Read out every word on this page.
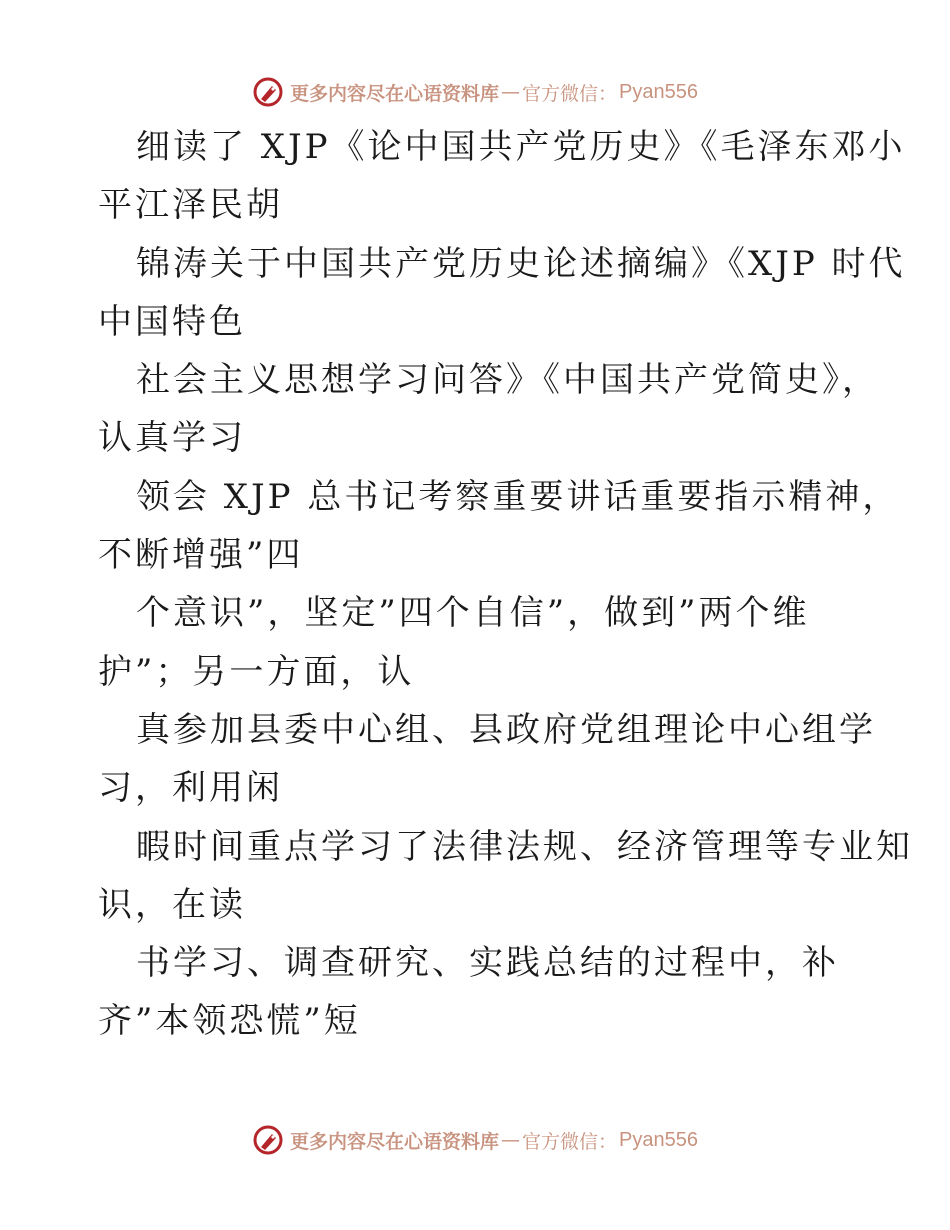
更多内容尽在心语资料库 — 官方微信： Pyan556
细读了 XJP《论中国共产党历史》《毛泽东邓小
平江泽民胡
锦涛关于中国共产党历史论述摘编》《XJP 时代
中国特色
社会主义思想学习问答》《中国共产党简史》，
认真学习
领会 XJP 总书记考察重要讲话重要指示精神，
不断增强”四
个意识”，坚定”四个自信”，做到”两个维
护”；另一方面，认
真参加县委中心组、县政府党组理论中心组学
习，利用闲
暇时间重点学习了法律法规、经济管理等专业知
识，在读
书学习、调查研究、实践总结的过程中，补
齐”本领恐慌”短
更多内容尽在心语资料库 — 官方微信： Pyan556
